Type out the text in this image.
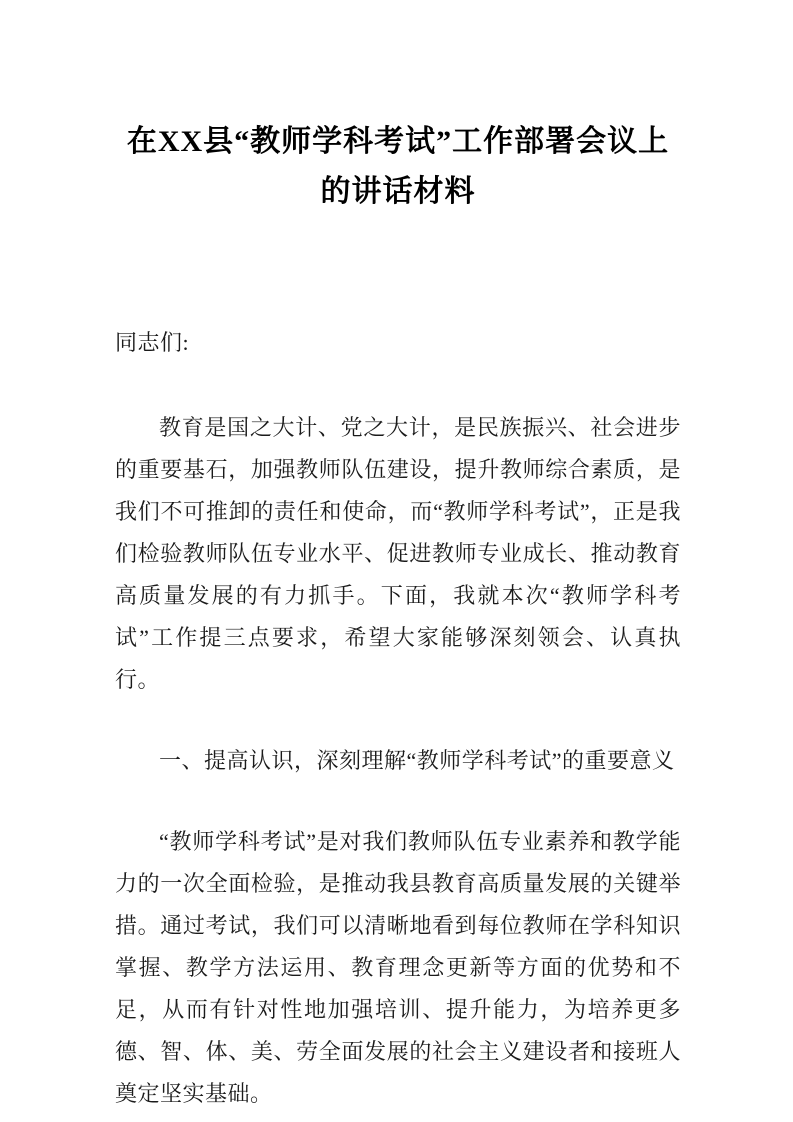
在XX县“教师学科考试”工作部署会议上
的讲话材料

同志们:

教育是国之大计、党之大计，是民族振兴、社会进步的重要基石，加强教师队伍建设，提升教师综合素质，是我们不可推卸的责任和使命，而“教师学科考试”，正是我们检验教师队伍专业水平、促进教师专业成长、推动教育高质量发展的有力抓手。下面，我就本次“教师学科考试”工作提三点要求，希望大家能够深刻领会、认真执行。

一、提高认识，深刻理解“教师学科考试”的重要意义

“教师学科考试”是对我们教师队伍专业素养和教学能力的一次全面检验，是推动我县教育高质量发展的关键举措。通过考试，我们可以清晰地看到每位教师在学科知识掌握、教学方法运用、教育理念更新等方面的优势和不足，从而有针对性地加强培训、提升能力，为培养更多德、智、体、美、劳全面发展的社会主义建设者和接班人奠定坚实基础。
